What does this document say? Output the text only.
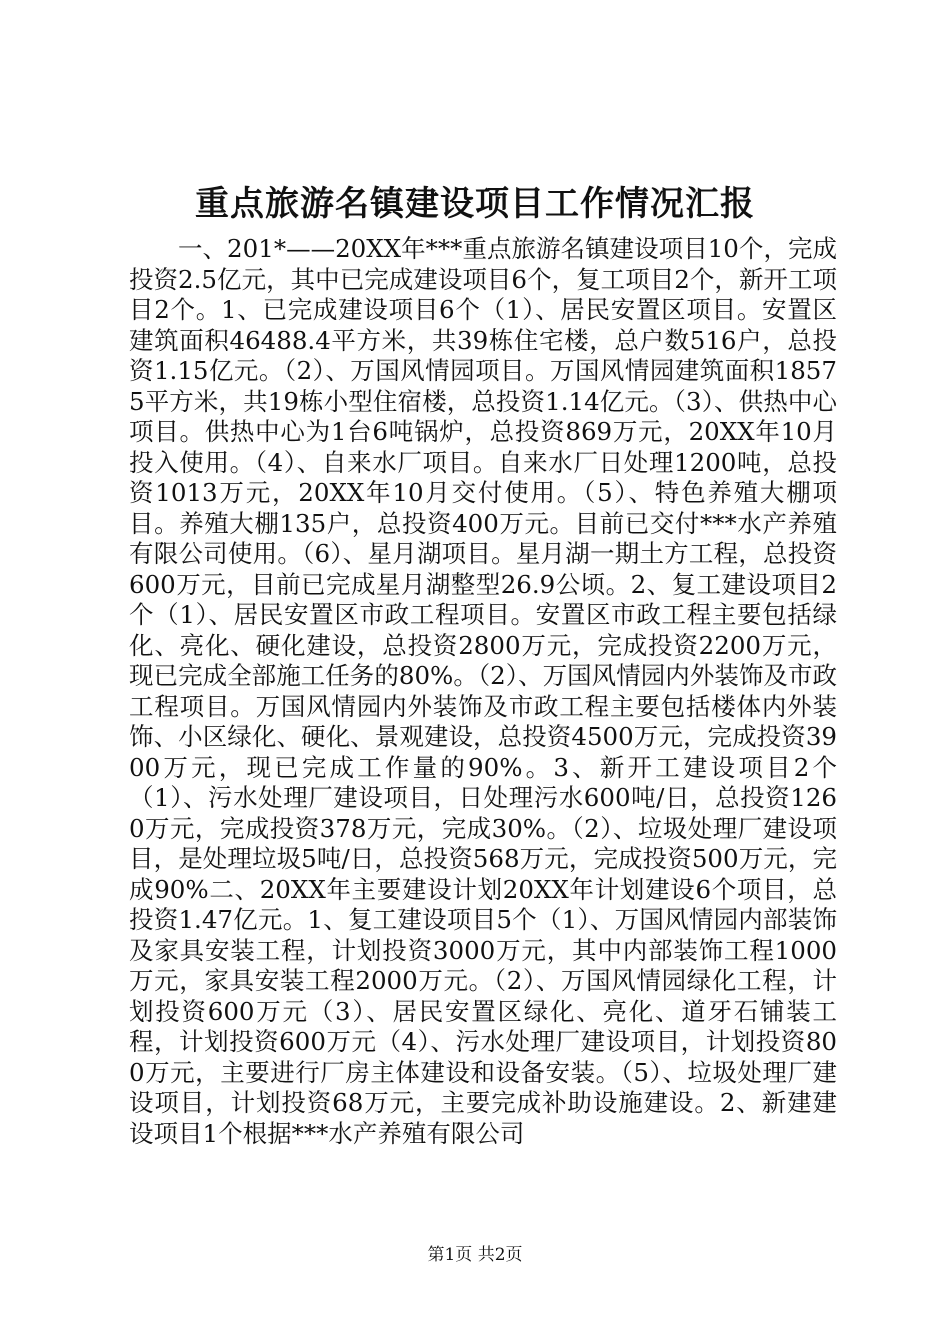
重点旅游名镇建设项目工作情况汇报

一、201*——20XX年***重点旅游名镇建设项目10个，完成投资2.5亿元，其中已完成建设项目6个，复工项目2个，新开工项目2个。1、已完成建设项目6个（1）、居民安置区项目。安置区建筑面积46488.4平方米，共39栋住宅楼，总户数516户，总投资1.15亿元。（2）、万国风情园项目。万国风情园建筑面积18575平方米，共19栋小型住宿楼，总投资1.14亿元。（3）、供热中心项目。供热中心为1台6吨锅炉，总投资869万元，20XX年10月投入使用。（4）、自来水厂项目。自来水厂日处理1200吨，总投资1013万元，20XX年10月交付使用。（5）、特色养殖大棚项目。养殖大棚135户，总投资400万元。目前已交付***水产养殖有限公司使用。（6）、星月湖项目。星月湖一期土方工程，总投资600万元，目前已完成星月湖整型26.9公顷。2、复工建设项目2个（1）、居民安置区市政工程项目。安置区市政工程主要包括绿化、亮化、硬化建设，总投资2800万元，完成投资2200万元，现已完成全部施工任务的80%。（2）、万国风情园内外装饰及市政工程项目。万国风情园内外装饰及市政工程主要包括楼体内外装饰、小区绿化、硬化、景观建设，总投资4500万元，完成投资3900万元，现已完成工作量的90%。3、新开工建设项目2个（1）、污水处理厂建设项目，日处理污水600吨/日，总投资1260万元，完成投资378万元，完成30%。（2）、垃圾处理厂建设项目，是处理垃圾5吨/日，总投资568万元，完成投资500万元，完成90%二、20XX年主要建设计划20XX年计划建设6个项目，总投资1.47亿元。1、复工建设项目5个（1）、万国风情园内部装饰及家具安装工程，计划投资3000万元，其中内部装饰工程1000万元，家具安装工程2000万元。（2）、万国风情园绿化工程，计划投资600万元（3）、居民安置区绿化、亮化、道牙石铺装工程，计划投资600万元（4）、污水处理厂建设项目，计划投资800万元，主要进行厂房主体建设和设备安装。（5）、垃圾处理厂建设项目，计划投资68万元，主要完成补助设施建设。2、新建建设项目1个根据***水产养殖有限公司

第1页 共2页
